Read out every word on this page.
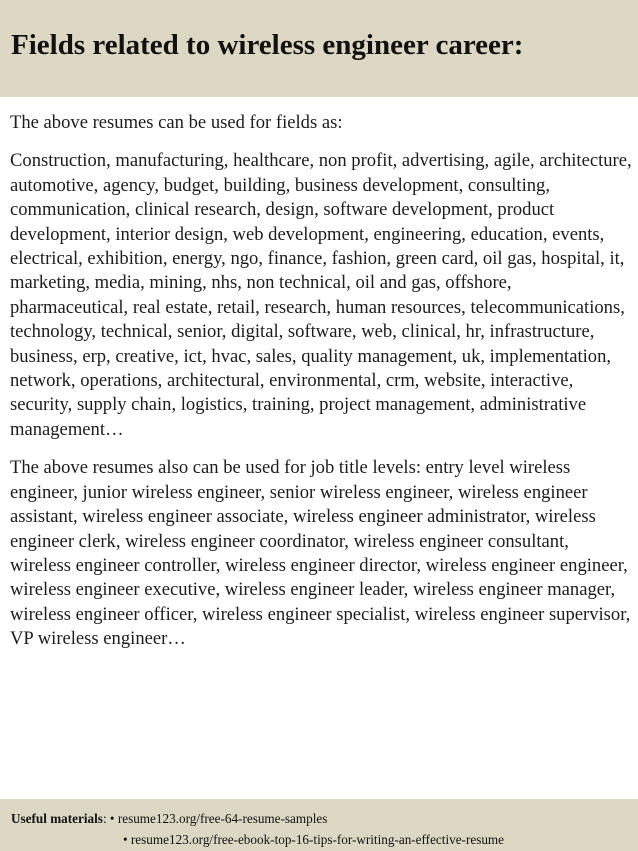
Fields related to wireless engineer career:

The above resumes can be used for fields as:

Construction, manufacturing, healthcare, non profit, advertising, agile, architecture, automotive, agency, budget, building, business development, consulting, communication, clinical research, design, software development, product development, interior design, web development, engineering, education, events, electrical, exhibition, energy, ngo, finance, fashion, green card, oil gas, hospital, it, marketing, media, mining, nhs, non technical, oil and gas, offshore, pharmaceutical, real estate, retail, research, human resources, telecommunications, technology, technical, senior, digital, software, web, clinical, hr, infrastructure, business, erp, creative, ict, hvac, sales, quality management, uk, implementation, network, operations, architectural, environmental, crm, website, interactive, security, supply chain, logistics, training, project management, administrative management…

The above resumes also can be used for job title levels: entry level wireless engineer, junior wireless engineer, senior wireless engineer, wireless engineer assistant, wireless engineer associate, wireless engineer administrator, wireless engineer clerk, wireless engineer coordinator, wireless engineer consultant, wireless engineer controller, wireless engineer director, wireless engineer engineer, wireless engineer executive, wireless engineer leader, wireless engineer manager, wireless engineer officer, wireless engineer specialist, wireless engineer supervisor, VP wireless engineer…

Useful materials: • resume123.org/free-64-resume-samples
• resume123.org/free-ebook-top-16-tips-for-writing-an-effective-resume
